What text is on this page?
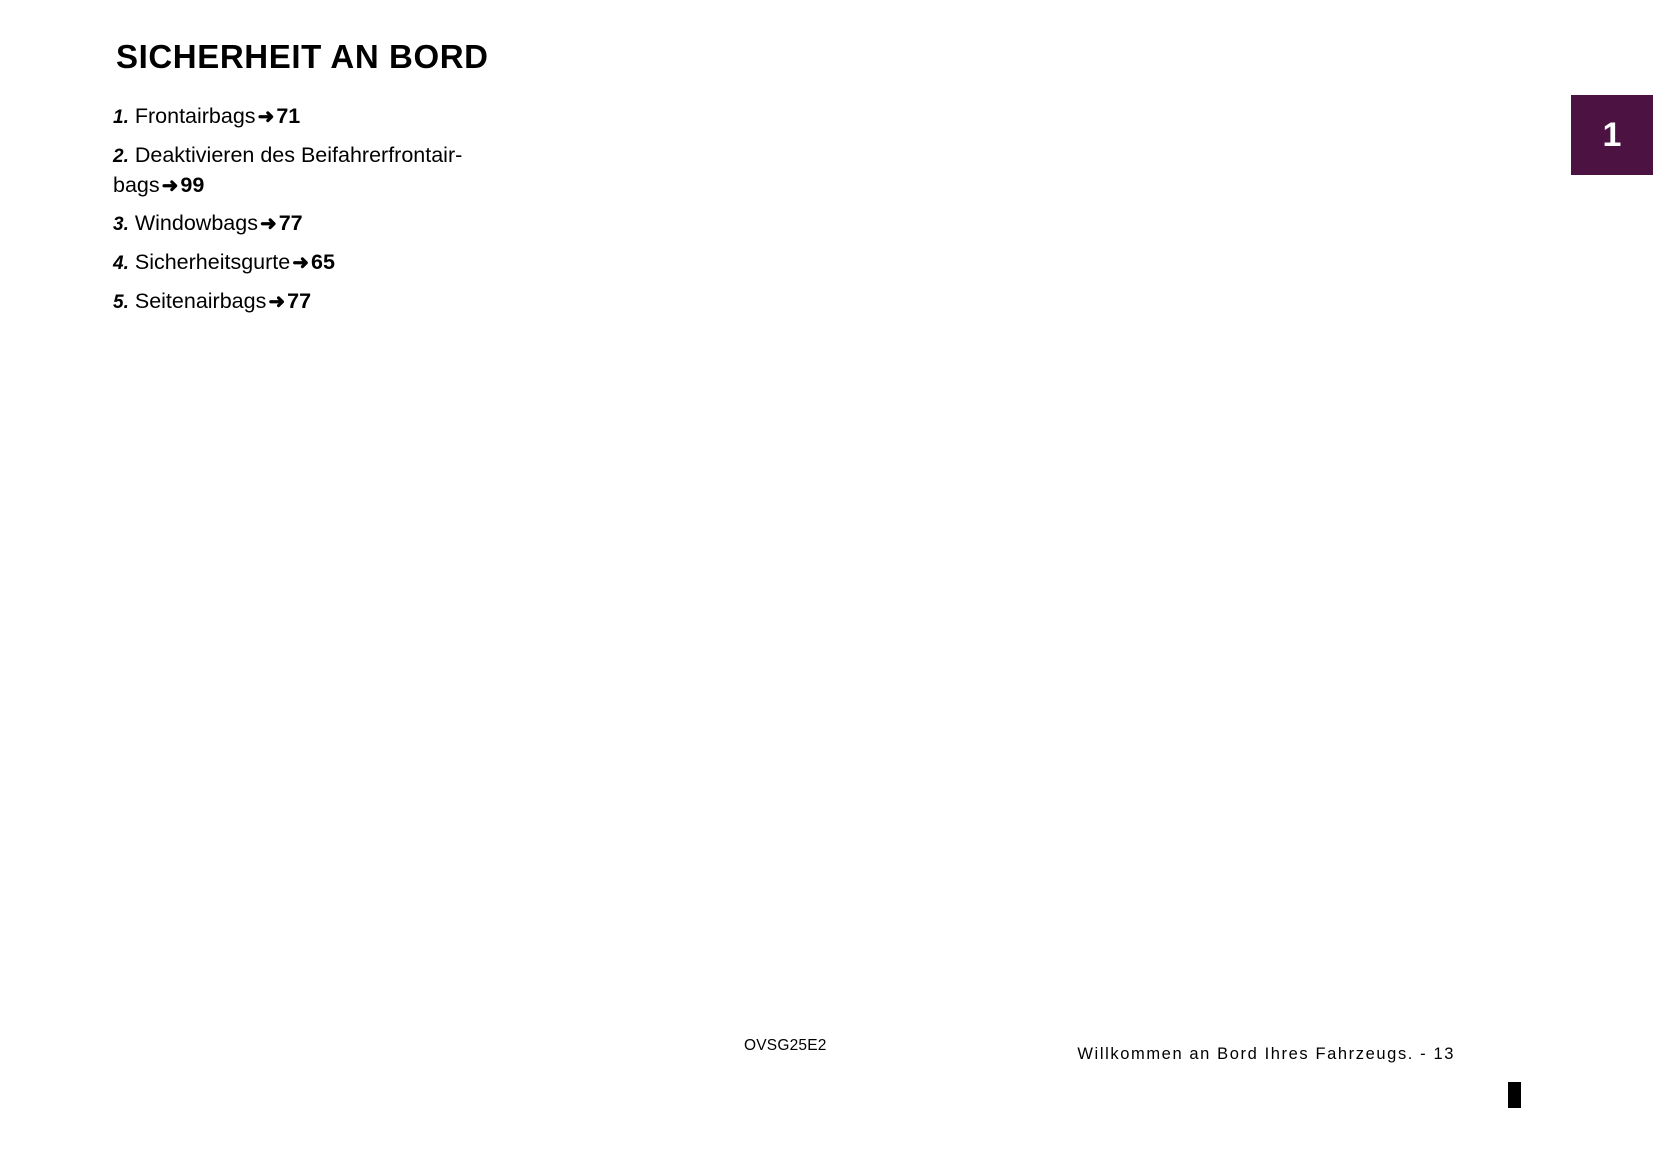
1
SICHERHEIT AN BORD
1. Frontairbags ➜71
2. Deaktivieren des Beifahrerfrontair-bags ➜99
3. Windowbags ➜77
4. Sicherheitsgurte ➜65
5. Seitenairbags ➜77
OVSG25E2	Willkommen an Bord Ihres Fahrzeugs. - 13
